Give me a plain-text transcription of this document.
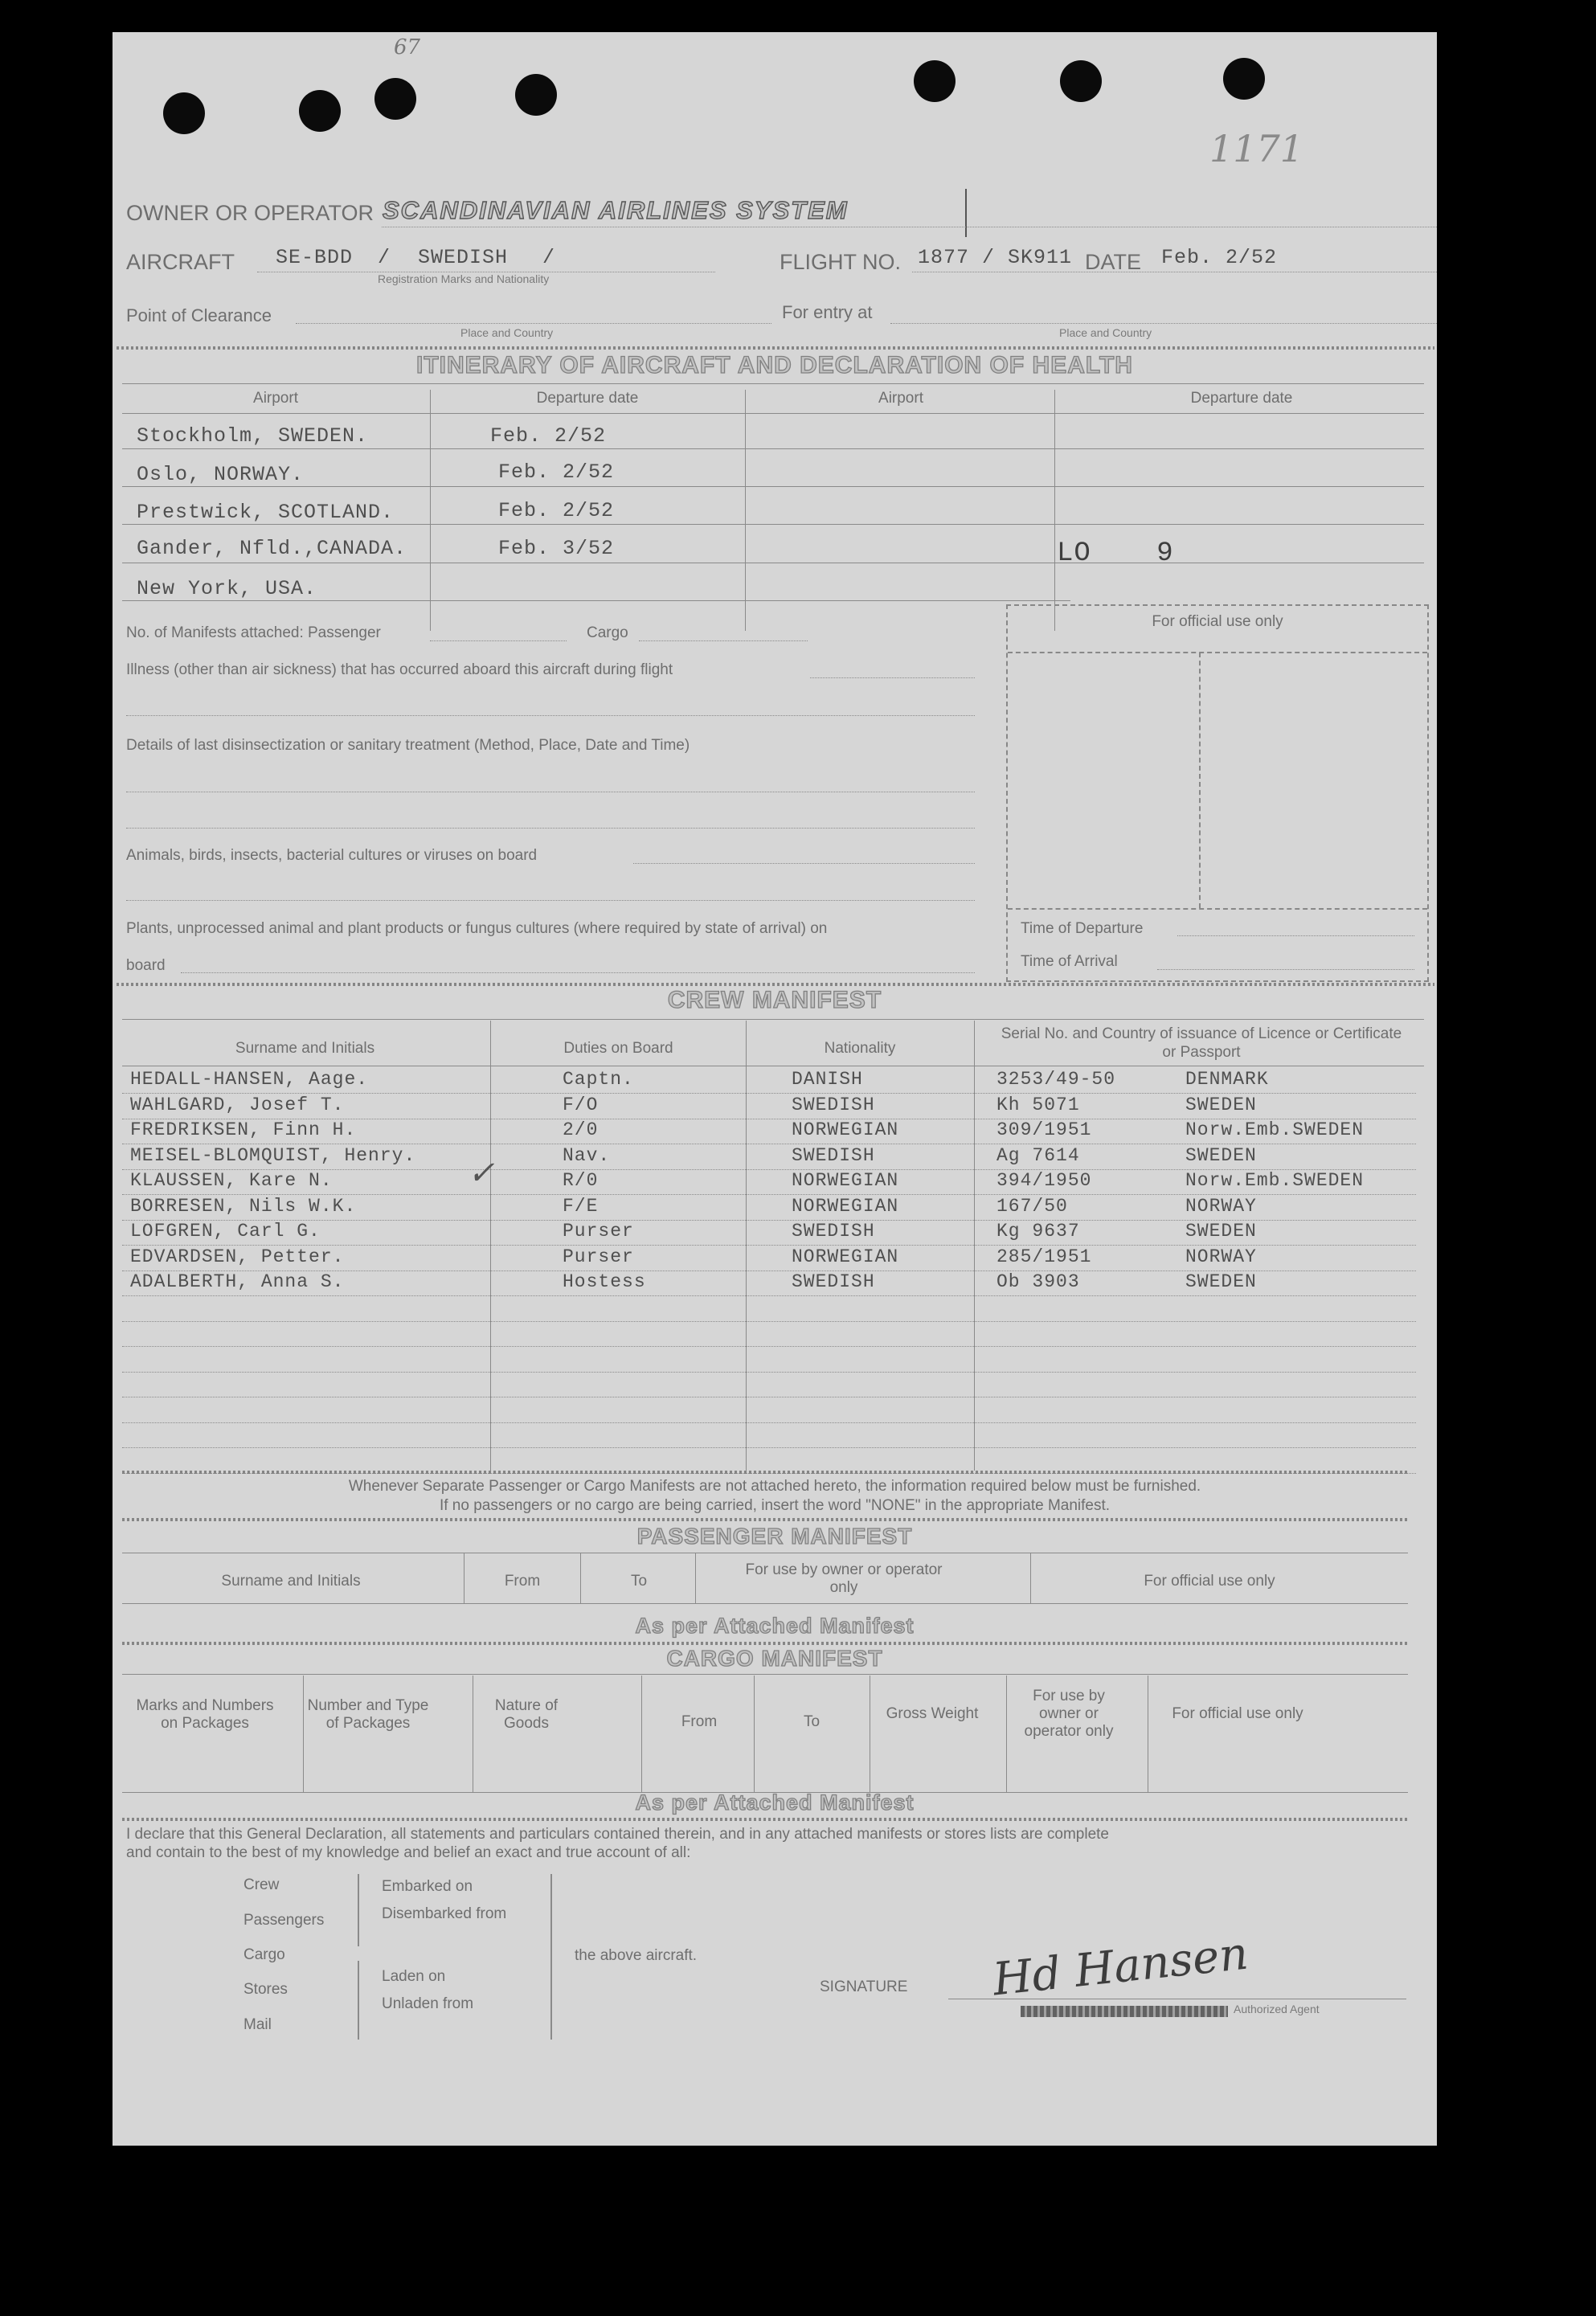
67
1171
OWNER OR OPERATOR SCANDINAVIAN AIRLINES SYSTEM
AIRCRAFT SE-BDD / SWEDISH /
Registration Marks and Nationality
FLIGHT NO. 1877 / SK911 DATE Feb. 2/52
Point of Clearance
Place and Country
For entry at
Place and Country
ITINERARY OF AIRCRAFT AND DECLARATION OF HEALTH
Airport	Departure date	Airport	Departure date
Stockholm, SWEDEN.	Feb. 2/52
Oslo, NORWAY.	Feb. 2/52
Prestwick, SCOTLAND.	Feb. 2/52
Gander, Nfld.,CANADA.	Feb. 3/52
New York, USA.
LO 9
No. of Manifests attached: Passenger	Cargo
Illness (other than air sickness) that has occurred aboard this aircraft during flight
Details of last disinsectization or sanitary treatment (Method, Place, Date and Time)
Animals, birds, insects, bacterial cultures or viruses on board
Plants, unprocessed animal and plant products or fungus cultures (where required by state of arrival) on
board
For official use only
Time of Departure
Time of Arrival
CREW MANIFEST
Surname and Initials	Duties on Board	Nationality
Serial No. and Country of issuance of Licence or Certificate or Passport
HEDALL-HANSEN, Aage.	Captn.	DANISH	3253/49-50	DENMARK
WAHLGARD, Josef T.	F/O	SWEDISH	Kh 5071	SWEDEN
FREDRIKSEN, Finn H.	2/0	NORWEGIAN	309/1951	Norw.Emb.SWEDEN
MEISEL-BLOMQUIST, Henry.	Nav.	SWEDISH	Ag 7614	SWEDEN
KLAUSSEN, Kare N.	R/0	NORWEGIAN	394/1950	Norw.Emb.SWEDEN
BORRESEN, Nils W.K.	F/E	NORWEGIAN	167/50	NORWAY
LOFGREN, Carl G.	Purser	SWEDISH	Kg 9637	SWEDEN
EDVARDSEN, Petter.	Purser	NORWEGIAN	285/1951	NORWAY
ADALBERTH, Anna S.	Hostess	SWEDISH	Ob 3903	SWEDEN
✓
Whenever Separate Passenger or Cargo Manifests are not attached hereto, the information required below must be furnished.
If no passengers or no cargo are being carried, insert the word "NONE" in the appropriate Manifest.
PASSENGER MANIFEST
Surname and Initials	From	To
For use by owner or operator only	For official use only
As per Attached Manifest
CARGO MANIFEST
Marks and Numbers on Packages
Number and Type of Packages
Nature of Goods	From	To	Gross Weight
For use by owner or operator only
For official use only
As per Attached Manifest
I declare that this General Declaration, all statements and particulars contained therein, and in any attached manifests or stores lists are complete
and contain to the best of my knowledge and belief an exact and true account of all:
Crew
Passengers
Cargo
Stores
Mail
Embarked on
Disembarked from
Laden on
Unladen from
the above aircraft.
SIGNATURE Hd Hansen
Authorized Agent
